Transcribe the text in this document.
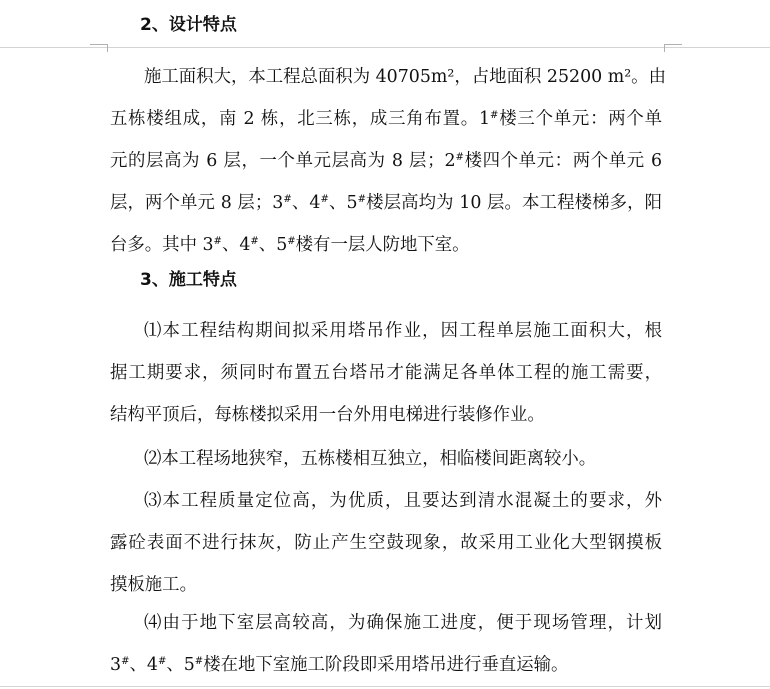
2、设计特点

施工面积大，本工程总面积为 40705m²，占地面积 25200 m²。由
五栋楼组成，南 2 栋，北三栋，成三角布置。1#楼三个单元：两个单
元的层高为 6 层，一个单元层高为 8 层；2#楼四个单元：两个单元 6
层，两个单元 8 层；3#、4#、5#楼层高均为 10 层。本工程楼梯多，阳
台多。其中 3#、4#、5#楼有一层人防地下室。

3、施工特点

⑴本工程结构期间拟采用塔吊作业，因工程单层施工面积大，根
据工期要求，须同时布置五台塔吊才能满足各单体工程的施工需要，
结构平顶后，每栋楼拟采用一台外用电梯进行装修作业。

⑵本工程场地狭窄，五栋楼相互独立，相临楼间距离较小。

⑶本工程质量定位高，为优质，且要达到清水混凝土的要求，外
露砼表面不进行抹灰，防止产生空鼓现象，故采用工业化大型钢摸板
摸板施工。

⑷由于地下室层高较高，为确保施工进度，便于现场管理，计划
3#、4#、5#楼在地下室施工阶段即采用塔吊进行垂直运输。
